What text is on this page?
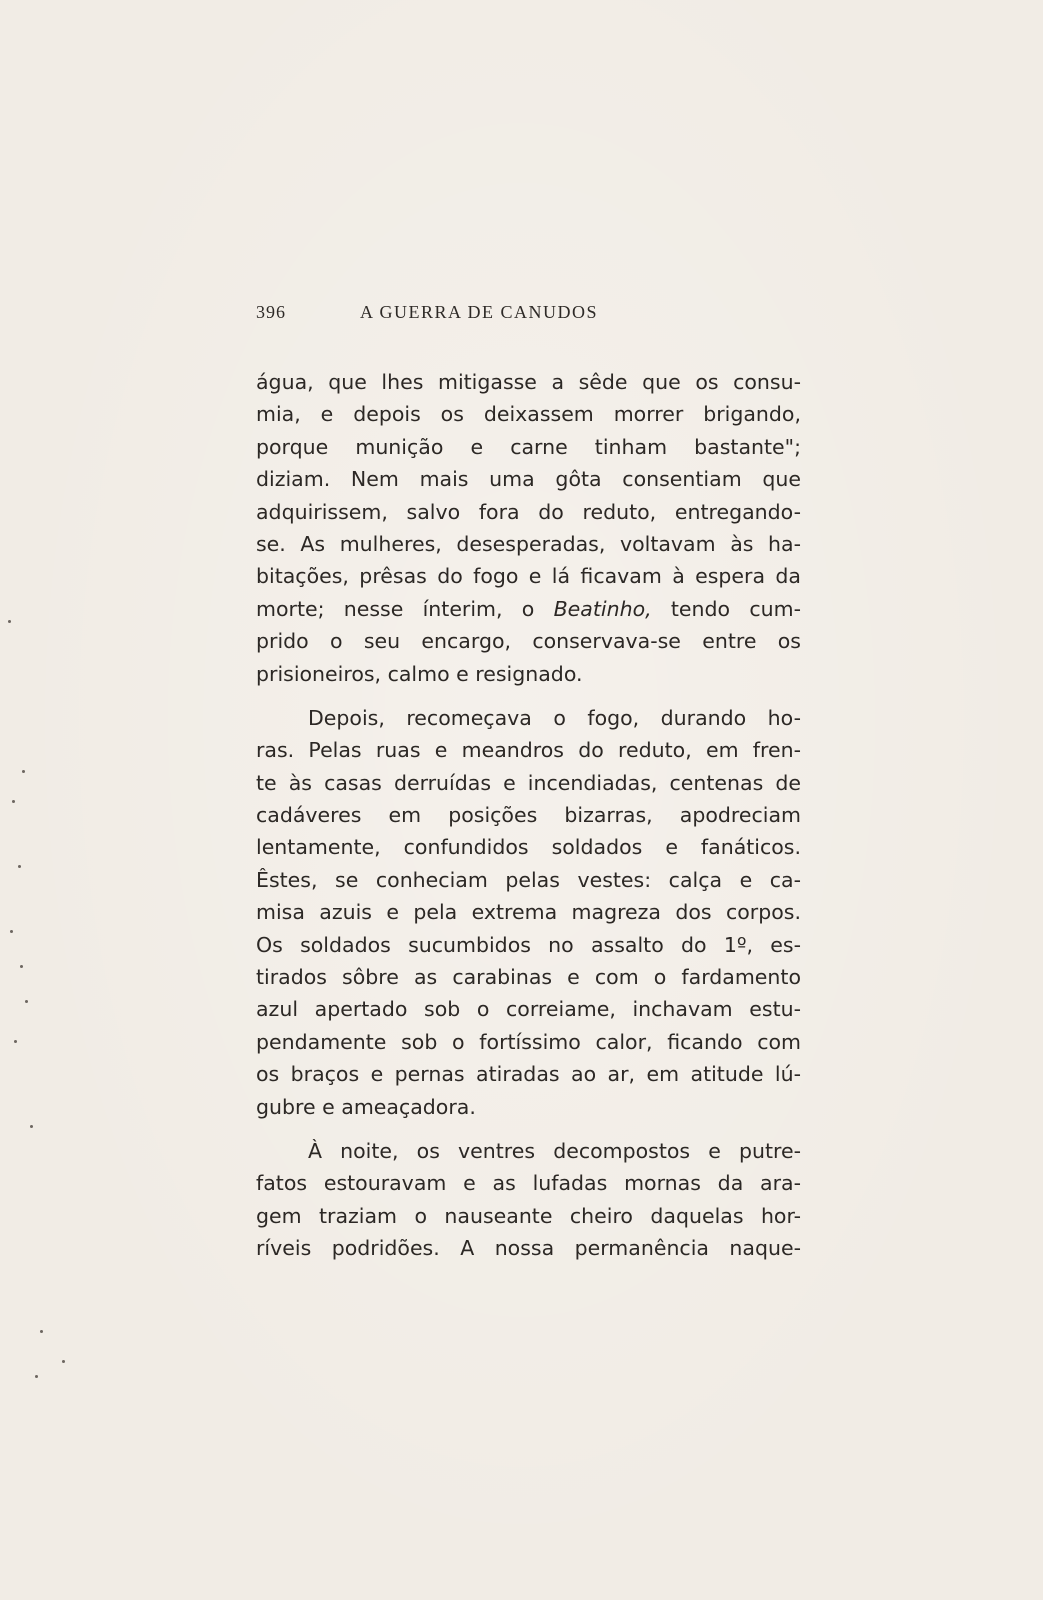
396	A GUERRA DE CANUDOS
água, que lhes mitigasse a sêde que os consu-
mia, e depois os deixassem morrer brigando,
porque munição e carne tinham bastante";
diziam. Nem mais uma gôta consentiam que
adquirissem, salvo fora do reduto, entregando-
se. As mulheres, desesperadas, voltavam às ha-
bitações, prêsas do fogo e lá ficavam à espera da
morte; nesse ínterim, o Beatinho, tendo cum-
prido o seu encargo, conservava-se entre os
prisioneiros, calmo e resignado.
Depois, recomeçava o fogo, durando ho-
ras. Pelas ruas e meandros do reduto, em fren-
te às casas derruídas e incendiadas, centenas de
cadáveres em posições bizarras, apodreciam
lentamente, confundidos soldados e fanáticos.
Êstes, se conheciam pelas vestes: calça e ca-
misa azuis e pela extrema magreza dos corpos.
Os soldados sucumbidos no assalto do 1º, es-
tirados sôbre as carabinas e com o fardamento
azul apertado sob o correiame, inchavam estu-
pendamente sob o fortíssimo calor, ficando com
os braços e pernas atiradas ao ar, em atitude lú-
gubre e ameaçadora.
À noite, os ventres decompostos e putre-
fatos estouravam e as lufadas mornas da ara-
gem traziam o nauseante cheiro daquelas hor-
ríveis podridões. A nossa permanência naque-
